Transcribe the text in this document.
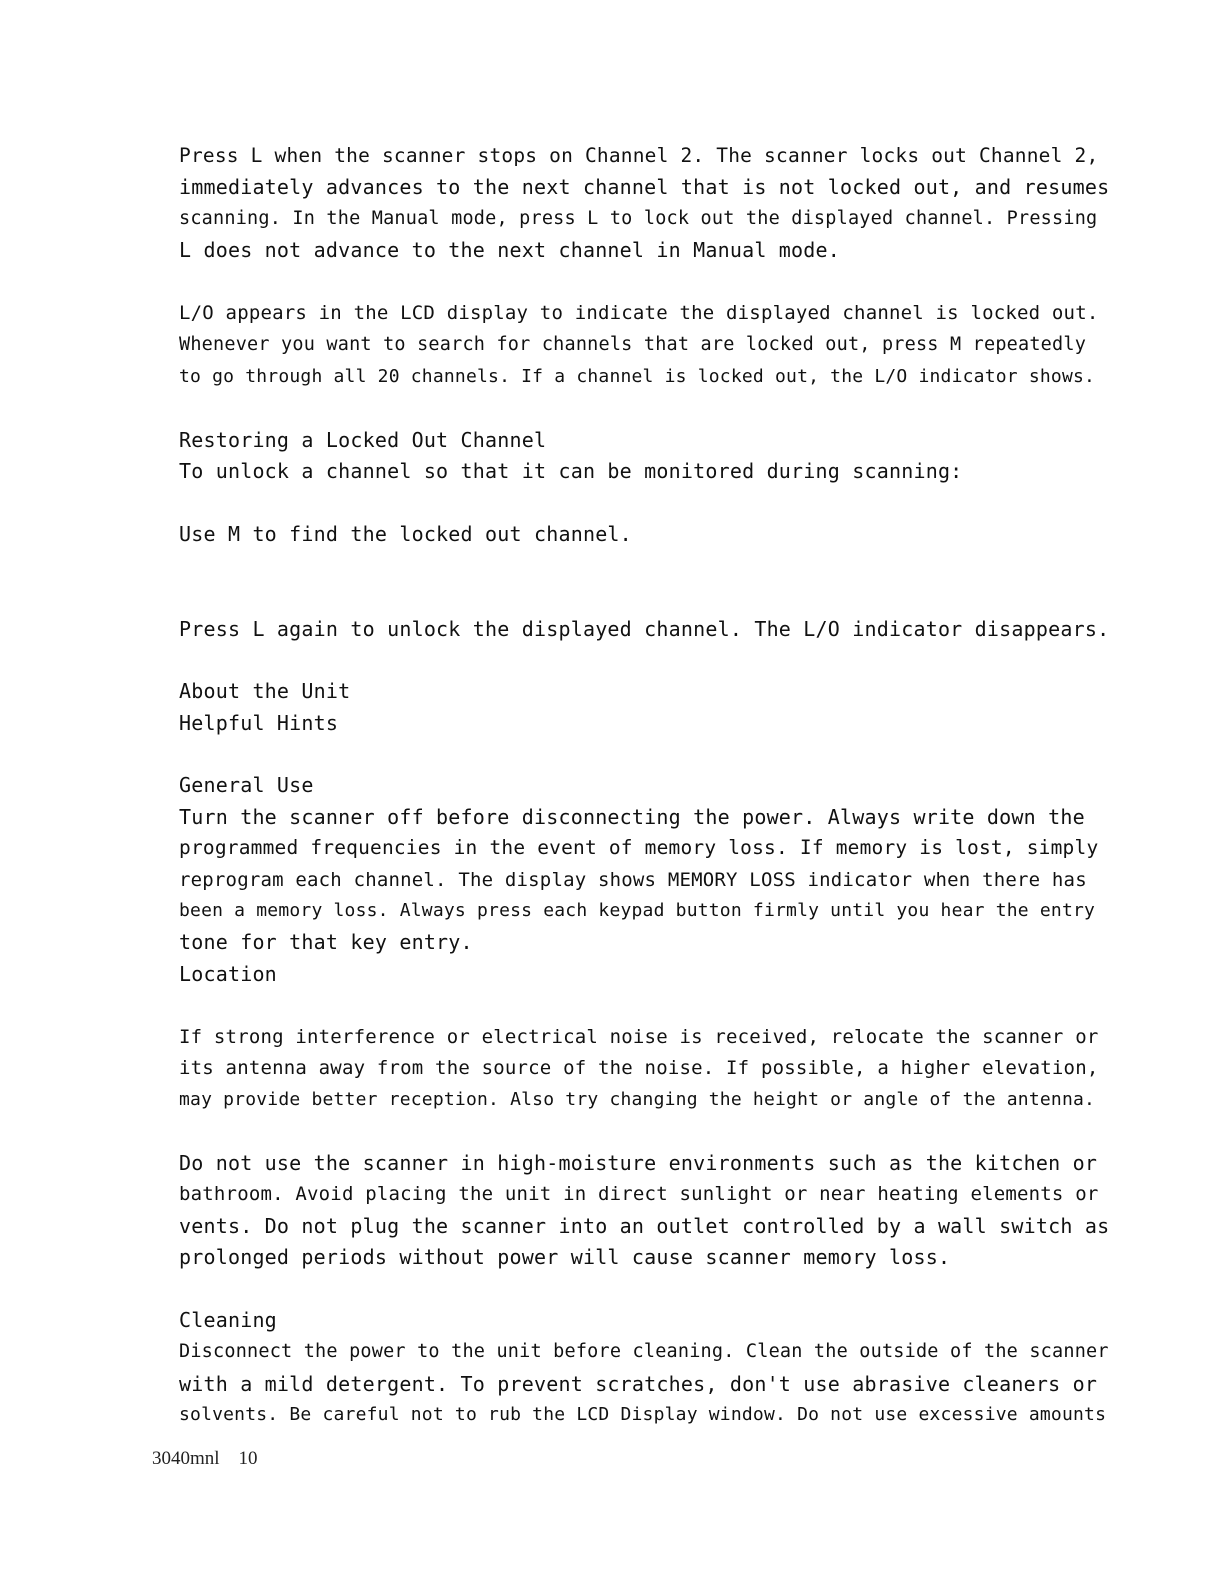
Press L when the scanner stops on Channel 2. The scanner locks out Channel 2,
immediately advances to the next channel that is not locked out, and resumes
scanning. In the Manual mode, press L to lock out the displayed channel. Pressing
L does not advance to the next channel in Manual mode.
L/O appears in the LCD display to indicate the displayed channel is locked out.
Whenever you want to search for channels that are locked out, press M repeatedly
to go through all 20 channels. If a channel is locked out, the L/O indicator shows.
Restoring a Locked Out Channel
To unlock a channel so that it can be monitored during scanning:
Use M to find the locked out channel.
Press L again to unlock the displayed channel. The L/O indicator disappears.
About the Unit
Helpful Hints
General Use
Turn the scanner off before disconnecting the power. Always write down the
programmed frequencies in the event of memory loss. If memory is lost, simply
reprogram each channel. The display shows MEMORY LOSS indicator when there has
been a memory loss. Always press each keypad button firmly until you hear the entry
tone for that key entry.
Location
If strong interference or electrical noise is received, relocate the scanner or
its antenna away from the source of the noise. If possible, a higher elevation,
may provide better reception. Also try changing the height or angle of the antenna.
Do not use the scanner in high-moisture environments such as the kitchen or
bathroom. Avoid placing the unit in direct sunlight or near heating elements or
vents. Do not plug the scanner into an outlet controlled by a wall switch as
prolonged periods without power will cause scanner memory loss.
Cleaning
Disconnect the power to the unit before cleaning. Clean the outside of the scanner
with a mild detergent. To prevent scratches, don't use abrasive cleaners or
solvents. Be careful not to rub the LCD Display window. Do not use excessive amounts
3040mnl    10
